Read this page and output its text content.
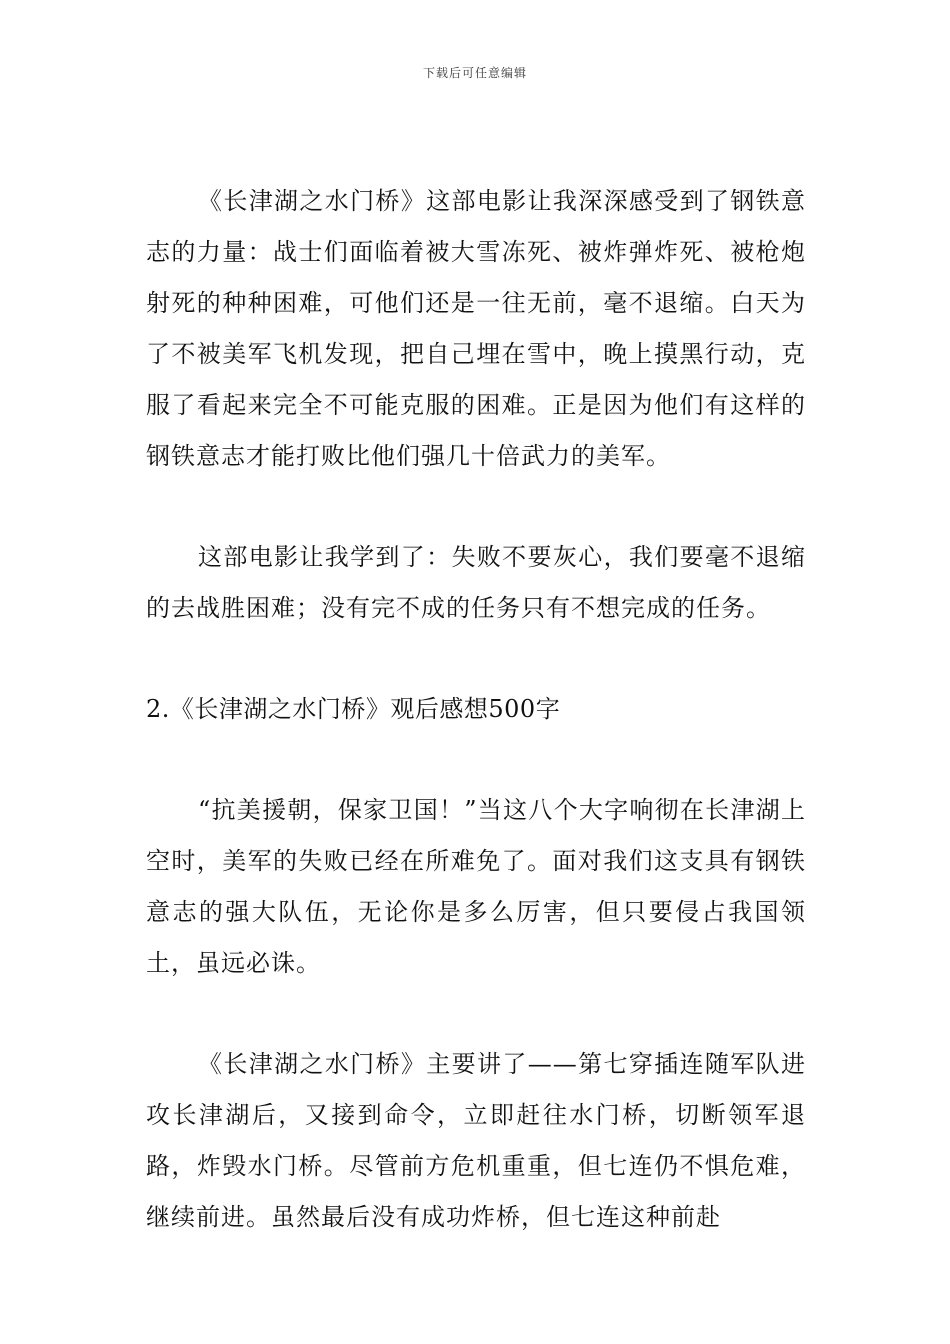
下载后可任意编辑

《长津湖之水门桥》这部电影让我深深感受到了钢铁意志的力量：战士们面临着被大雪冻死、被炸弹炸死、被枪炮射死的种种困难，可他们还是一往无前，毫不退缩。白天为了不被美军飞机发现，把自己埋在雪中，晚上摸黑行动，克服了看起来完全不可能克服的困难。正是因为他们有这样的钢铁意志才能打败比他们强几十倍武力的美军。

这部电影让我学到了：失败不要灰心，我们要毫不退缩的去战胜困难；没有完不成的任务只有不想完成的任务。

2.《长津湖之水门桥》观后感想500字

“抗美援朝，保家卫国！”当这八个大字响彻在长津湖上空时，美军的失败已经在所难免了。面对我们这支具有钢铁意志的强大队伍，无论你是多么厉害，但只要侵占我国领土，虽远必诛。

《长津湖之水门桥》主要讲了——第七穿插连随军队进攻长津湖后，又接到命令，立即赶往水门桥，切断领军退路，炸毁水门桥。尽管前方危机重重，但七连仍不惧危难，继续前进。虽然最后没有成功炸桥，但七连这种前赴
